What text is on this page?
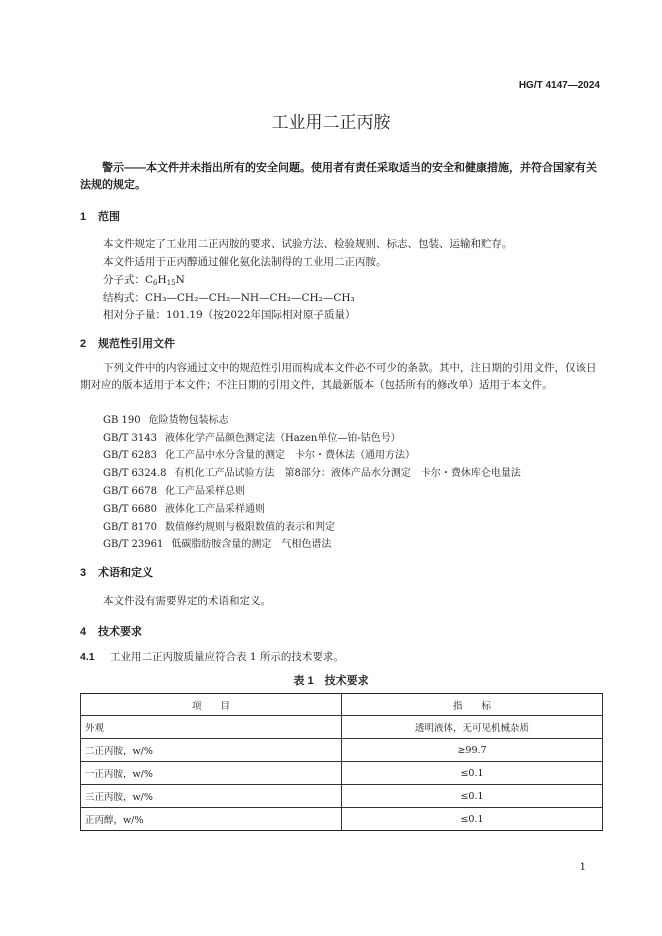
HG/T 4147—2024
工业用二正丙胺
警示——本文件并未指出所有的安全问题。使用者有责任采取适当的安全和健康措施，并符合国家有关法规的规定。
1 范围
本文件规定了工业用二正丙胺的要求、试验方法、检验规则、标志、包装、运输和贮存。
本文件适用于正丙醇通过催化氨化法制得的工业用二正丙胺。
分子式：$C_6H_{15}N$
结构式：CH₃—CH₂—CH₂—NH—CH₂—CH₂—CH₃
相对分子量：101.19（按2022年国际相对原子质量）
2 规范性引用文件
下列文件中的内容通过文中的规范性引用而构成本文件必不可少的条款。其中，注日期的引用文件，仅该日期对应的版本适用于本文件；不注日期的引用文件，其最新版本（包括所有的修改单）适用于本文件。
GB 190 危险货物包装标志
GB/T 3143 液体化学产品颜色测定法（Hazen单位—铂-钴色号）
GB/T 6283 化工产品中水分含量的测定　卡尔・费休法（通用方法）
GB/T 6324.8 有机化工产品试验方法　第8部分：液体产品水分测定　卡尔・费休库仑电量法
GB/T 6678 化工产品采样总则
GB/T 6680 液体化工产品采样通则
GB/T 8170 数值修约规则与极限数值的表示和判定
GB/T 23961 低碳脂肪胺含量的测定　气相色谱法
3 术语和定义
本文件没有需要界定的术语和定义。
4 技术要求
4.1 工业用二正丙胺质量应符合表 1 所示的技术要求。
表 1　技术要求
项　　目	指　　标
外观	透明液体，无可见机械杂质
二正丙胺，w/%	≥99.7
一正丙胺，w/%	≤0.1
三正丙胺，w/%	≤0.1
正丙醇，w/%	≤0.1
1
